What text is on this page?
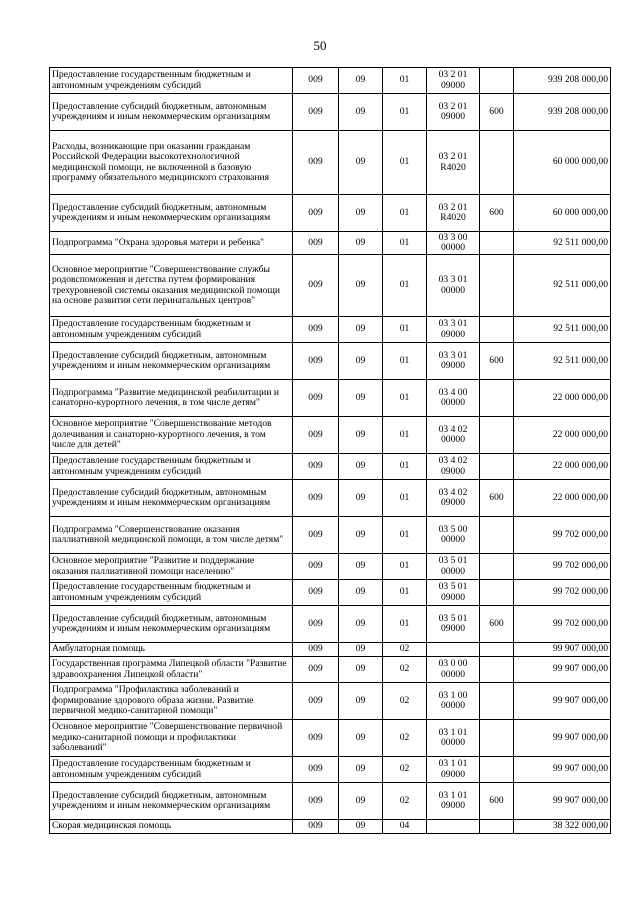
50
Предоставление государственным бюджетным и автономным учреждениям субсидий	009	09	01	03 2 01 09000		939 208 000,00
Предоставление субсидий бюджетным, автономным учреждениям и иным некоммерческим организациям	009	09	01	03 2 01 09000	600	939 208 000,00
Расходы, возникающие при оказании гражданам Российской Федерации высокотехнологичной медицинской помощи, не включенной в базовую программу обязательного медицинского страхования	009	09	01	03 2 01 R4020		60 000 000,00
Предоставление субсидий бюджетным, автономным учреждениям и иным некоммерческим организациям	009	09	01	03 2 01 R4020	600	60 000 000,00
Подпрограмма "Охрана здоровья матери и ребенка"	009	09	01	03 3 00 00000		92 511 000,00
Основное мероприятие "Совершенствование службы родовспоможения и детства путем формирования трехуровневой системы оказания медицинской помощи на основе развития сети перинатальных центров"	009	09	01	03 3 01 00000		92 511 000,00
Предоставление государственным бюджетным и автономным учреждениям субсидий	009	09	01	03 3 01 09000		92 511 000,00
Предоставление субсидий бюджетным, автономным учреждениям и иным некоммерческим организациям	009	09	01	03 3 01 09000	600	92 511 000,00
Подпрограмма "Развитие медицинской реабилитации и санаторно-курортного лечения, в том числе детям"	009	09	01	03 4 00 00000		22 000 000,00
Основное мероприятие "Совершенствование методов долечивания и санаторно-курортного лечения, в том числе для детей"	009	09	01	03 4 02 00000		22 000 000,00
Предоставление государственным бюджетным и автономным учреждениям субсидий	009	09	01	03 4 02 09000		22 000 000,00
Предоставление субсидий бюджетным, автономным учреждениям и иным некоммерческим организациям	009	09	01	03 4 02 09000	600	22 000 000,00
Подпрограмма "Совершенствование оказания паллиативной медицинской помощи, в том числе детям"	009	09	01	03 5 00 00000		99 702 000,00
Основное мероприятие "Развитие и поддержание оказания паллиативной помощи населению"	009	09	01	03 5 01 00000		99 702 000,00
Предоставление государственным бюджетным и автономным учреждениям субсидий	009	09	01	03 5 01 09000		99 702 000,00
Предоставление субсидий бюджетным, автономным учреждениям и иным некоммерческим организациям	009	09	01	03 5 01 09000	600	99 702 000,00
Амбулаторная помощь	009	09	02			99 907 000,00
Государственная программа Липецкой области "Развитие здравоохранения Липецкой области"	009	09	02	03 0 00 00000		99 907 000,00
Подпрограмма "Профилактика заболеваний и формирование здорового образа жизни. Развитие первичной медико-санитарной помощи"	009	09	02	03 1 00 00000		99 907 000,00
Основное мероприятие "Совершенствование первичной медико-санитарной помощи и профилактики заболеваний"	009	09	02	03 1 01 00000		99 907 000,00
Предоставление государственным бюджетным и автономным учреждениям субсидий	009	09	02	03 1 01 09000		99 907 000,00
Предоставление субсидий бюджетным, автономным учреждениям и иным некоммерческим организациям	009	09	02	03 1 01 09000	600	99 907 000,00
Скорая медицинская помощь	009	09	04			38 322 000,00
